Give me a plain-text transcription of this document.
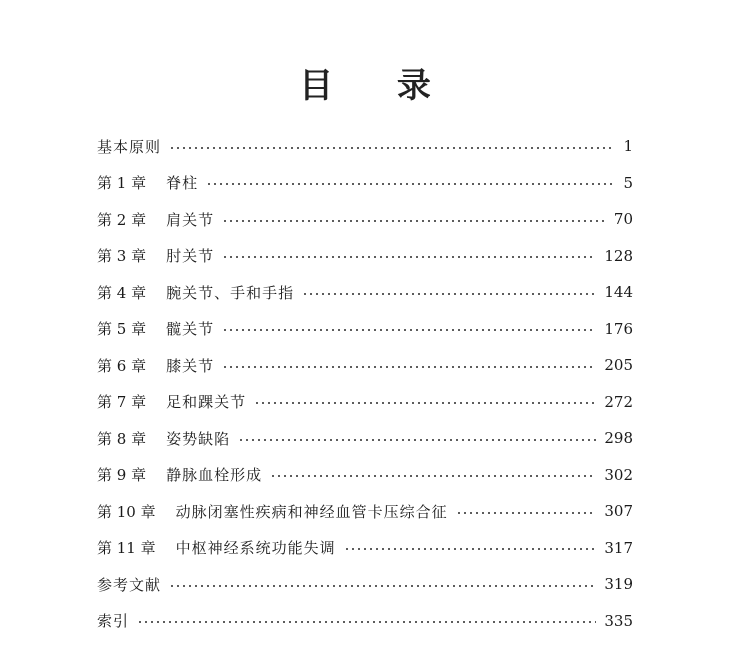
目 录
基本原则	1
第 1 章 脊柱	5
第 2 章 肩关节	70
第 3 章 肘关节	128
第 4 章 腕关节、手和手指	144
第 5 章 髋关节	176
第 6 章 膝关节	205
第 7 章 足和踝关节	272
第 8 章 姿势缺陷	298
第 9 章 静脉血栓形成	302
第 10 章 动脉闭塞性疾病和神经血管卡压综合征	307
第 11 章 中枢神经系统功能失调	317
参考文献	319
索引	335
